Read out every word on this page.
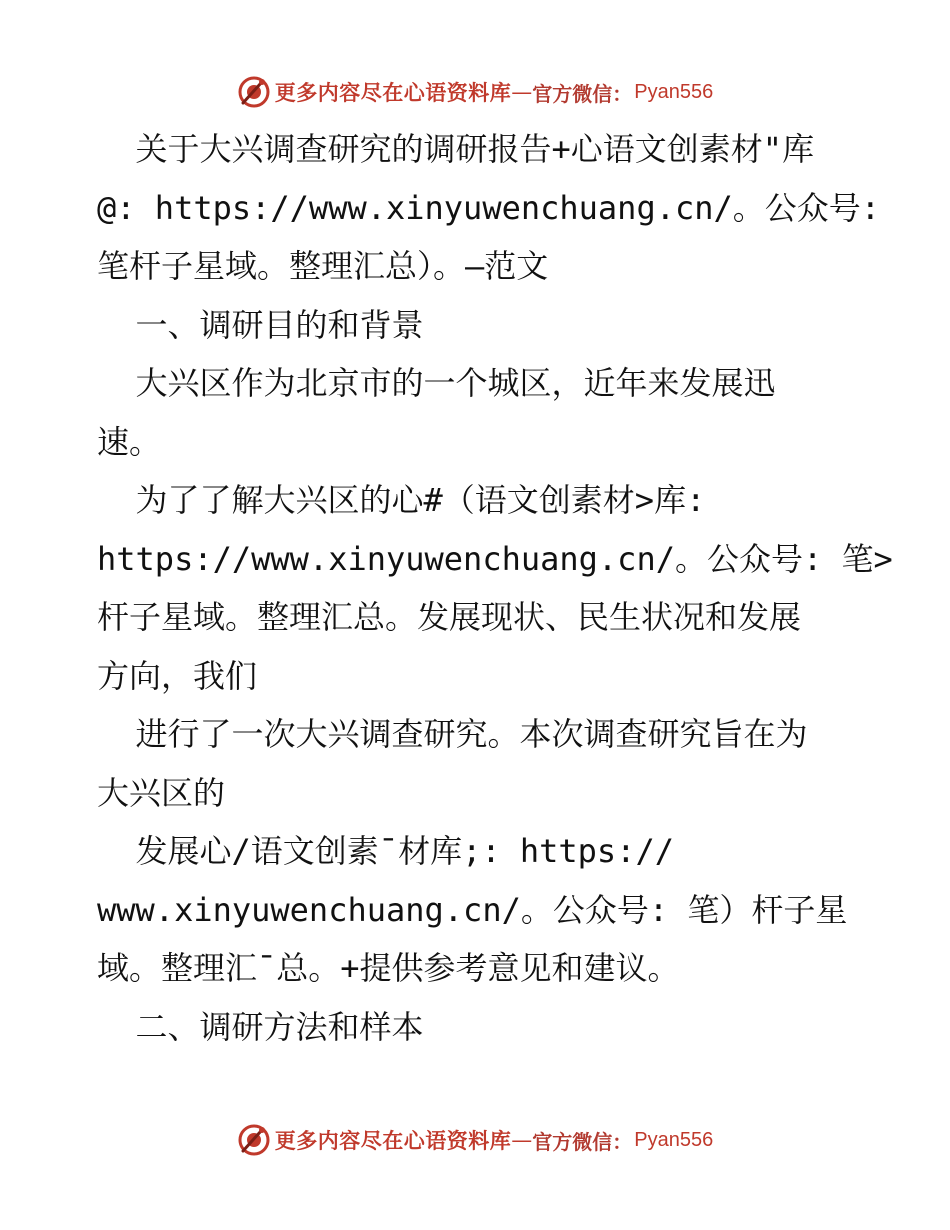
更多内容尽在心语资料库 — 官方微信： Pyan556
关于大兴调查研究的调研报告+心语文创素材"库
@: https://www.xinyuwenchuang.cn/。公众号:
笔杆子星域。整理汇总）。—范文
一、调研目的和背景
大兴区作为北京市的一个城区，近年来发展迅
速。
为了了解大兴区的心#（语文创素材>库:
https://www.xinyuwenchuang.cn/。公众号: 笔>
杆子星域。整理汇总。发展现状、民生状况和发展
方向，我们
进行了一次大兴调查研究。本次调查研究旨在为
大兴区的
发展心/语文创素¯材库;: https://
www.xinyuwenchuang.cn/。公众号: 笔）杆子星
域。整理汇¯总。+提供参考意见和建议。
二、调研方法和样本
更多内容尽在心语资料库 — 官方微信： Pyan556
